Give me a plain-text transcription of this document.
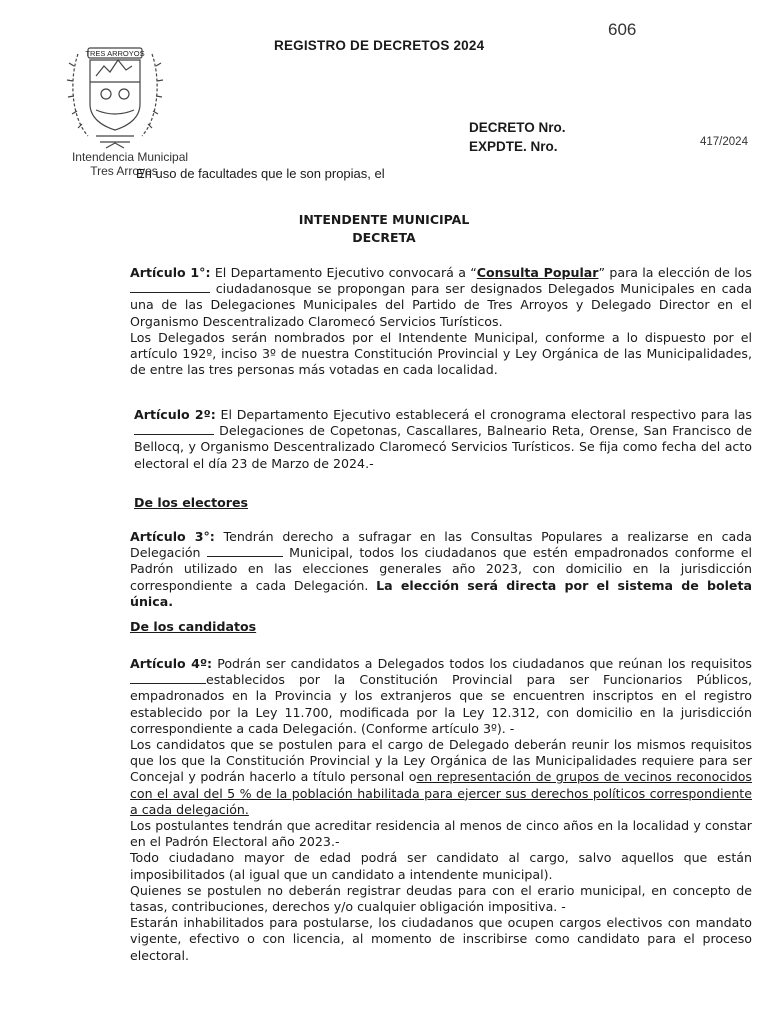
TRES ARROYOS
Intendencia Municipal
Tres Arroyos
REGISTRO DE DECRETOS 2024
606
DECRETO Nro.
EXPDTE. Nro.	417/2024
En uso de facultades que le son propias, el
INTENDENTE MUNICIPAL
DECRETA

Artículo 1°: El Departamento Ejecutivo convocará a “Consulta Popular” para la elección de los  ciudadanosque se propongan para ser designados Delegados Municipales en cada una de las Delegaciones Municipales del Partido de Tres Arroyos y Delegado Director en el Organismo Descentralizado Claromecó Servicios Turísticos.

Los Delegados serán nombrados por el Intendente Municipal, conforme a lo dispuesto por el artículo 192º, inciso 3º de nuestra Constitución Provincial y Ley Orgánica de las Municipalidades, de entre las tres personas más votadas en cada localidad.

Artículo 2º: El Departamento Ejecutivo establecerá el cronograma electoral respectivo para las  Delegaciones de Copetonas, Cascallares, Balneario Reta, Orense, San Francisco de Bellocq, y Organismo Descentralizado Claromecó Servicios Turísticos. Se fija como fecha del acto electoral el día 23 de Marzo de 2024.-

De los electores

Artículo 3°: Tendrán derecho a sufragar en las Consultas Populares a realizarse en cada Delegación	Municipal, todos los ciudadanos que estén empadronados conforme el Padrón utilizado en las elecciones generales año 2023, con domicilio en la jurisdicción correspondiente a cada Delegación. La elección será directa por el sistema de boleta única.

De los candidatos

Artículo 4º: Podrán ser candidatos a Delegados todos los ciudadanos que reúnan los requisitos establecidos por la Constitución Provincial para ser Funcionarios Públicos, empadronados en la Provincia y los extranjeros que se encuentren inscriptos en el registro establecido por la Ley 11.700, modificada por la Ley 12.312, con domicilio en la jurisdicción correspondiente a cada Delegación. (Conforme artículo 3º). -

Los candidatos que se postulen para el cargo de Delegado deberán reunir los mismos requisitos que los que la Constitución Provincial y la Ley Orgánica de las Municipalidades requiere para ser Concejal y podrán hacerlo a título personal oen representación de grupos de vecinos reconocidos con el aval del 5 % de la población habilitada para ejercer sus derechos políticos correspondiente a cada delegación.

Los postulantes tendrán que acreditar residencia al menos de cinco años en la localidad y constar en el Padrón Electoral año 2023.-

Todo ciudadano mayor de edad podrá ser candidato al cargo, salvo aquellos que están imposibilitados (al igual que un candidato a intendente municipal).

Quienes se postulen no deberán registrar deudas para con el erario municipal, en concepto de tasas, contribuciones, derechos y/o cualquier obligación impositiva. -

Estarán inhabilitados para postularse, los ciudadanos que ocupen cargos electivos con mandato vigente, efectivo o con licencia, al momento de inscribirse como candidato para el proceso electoral.
